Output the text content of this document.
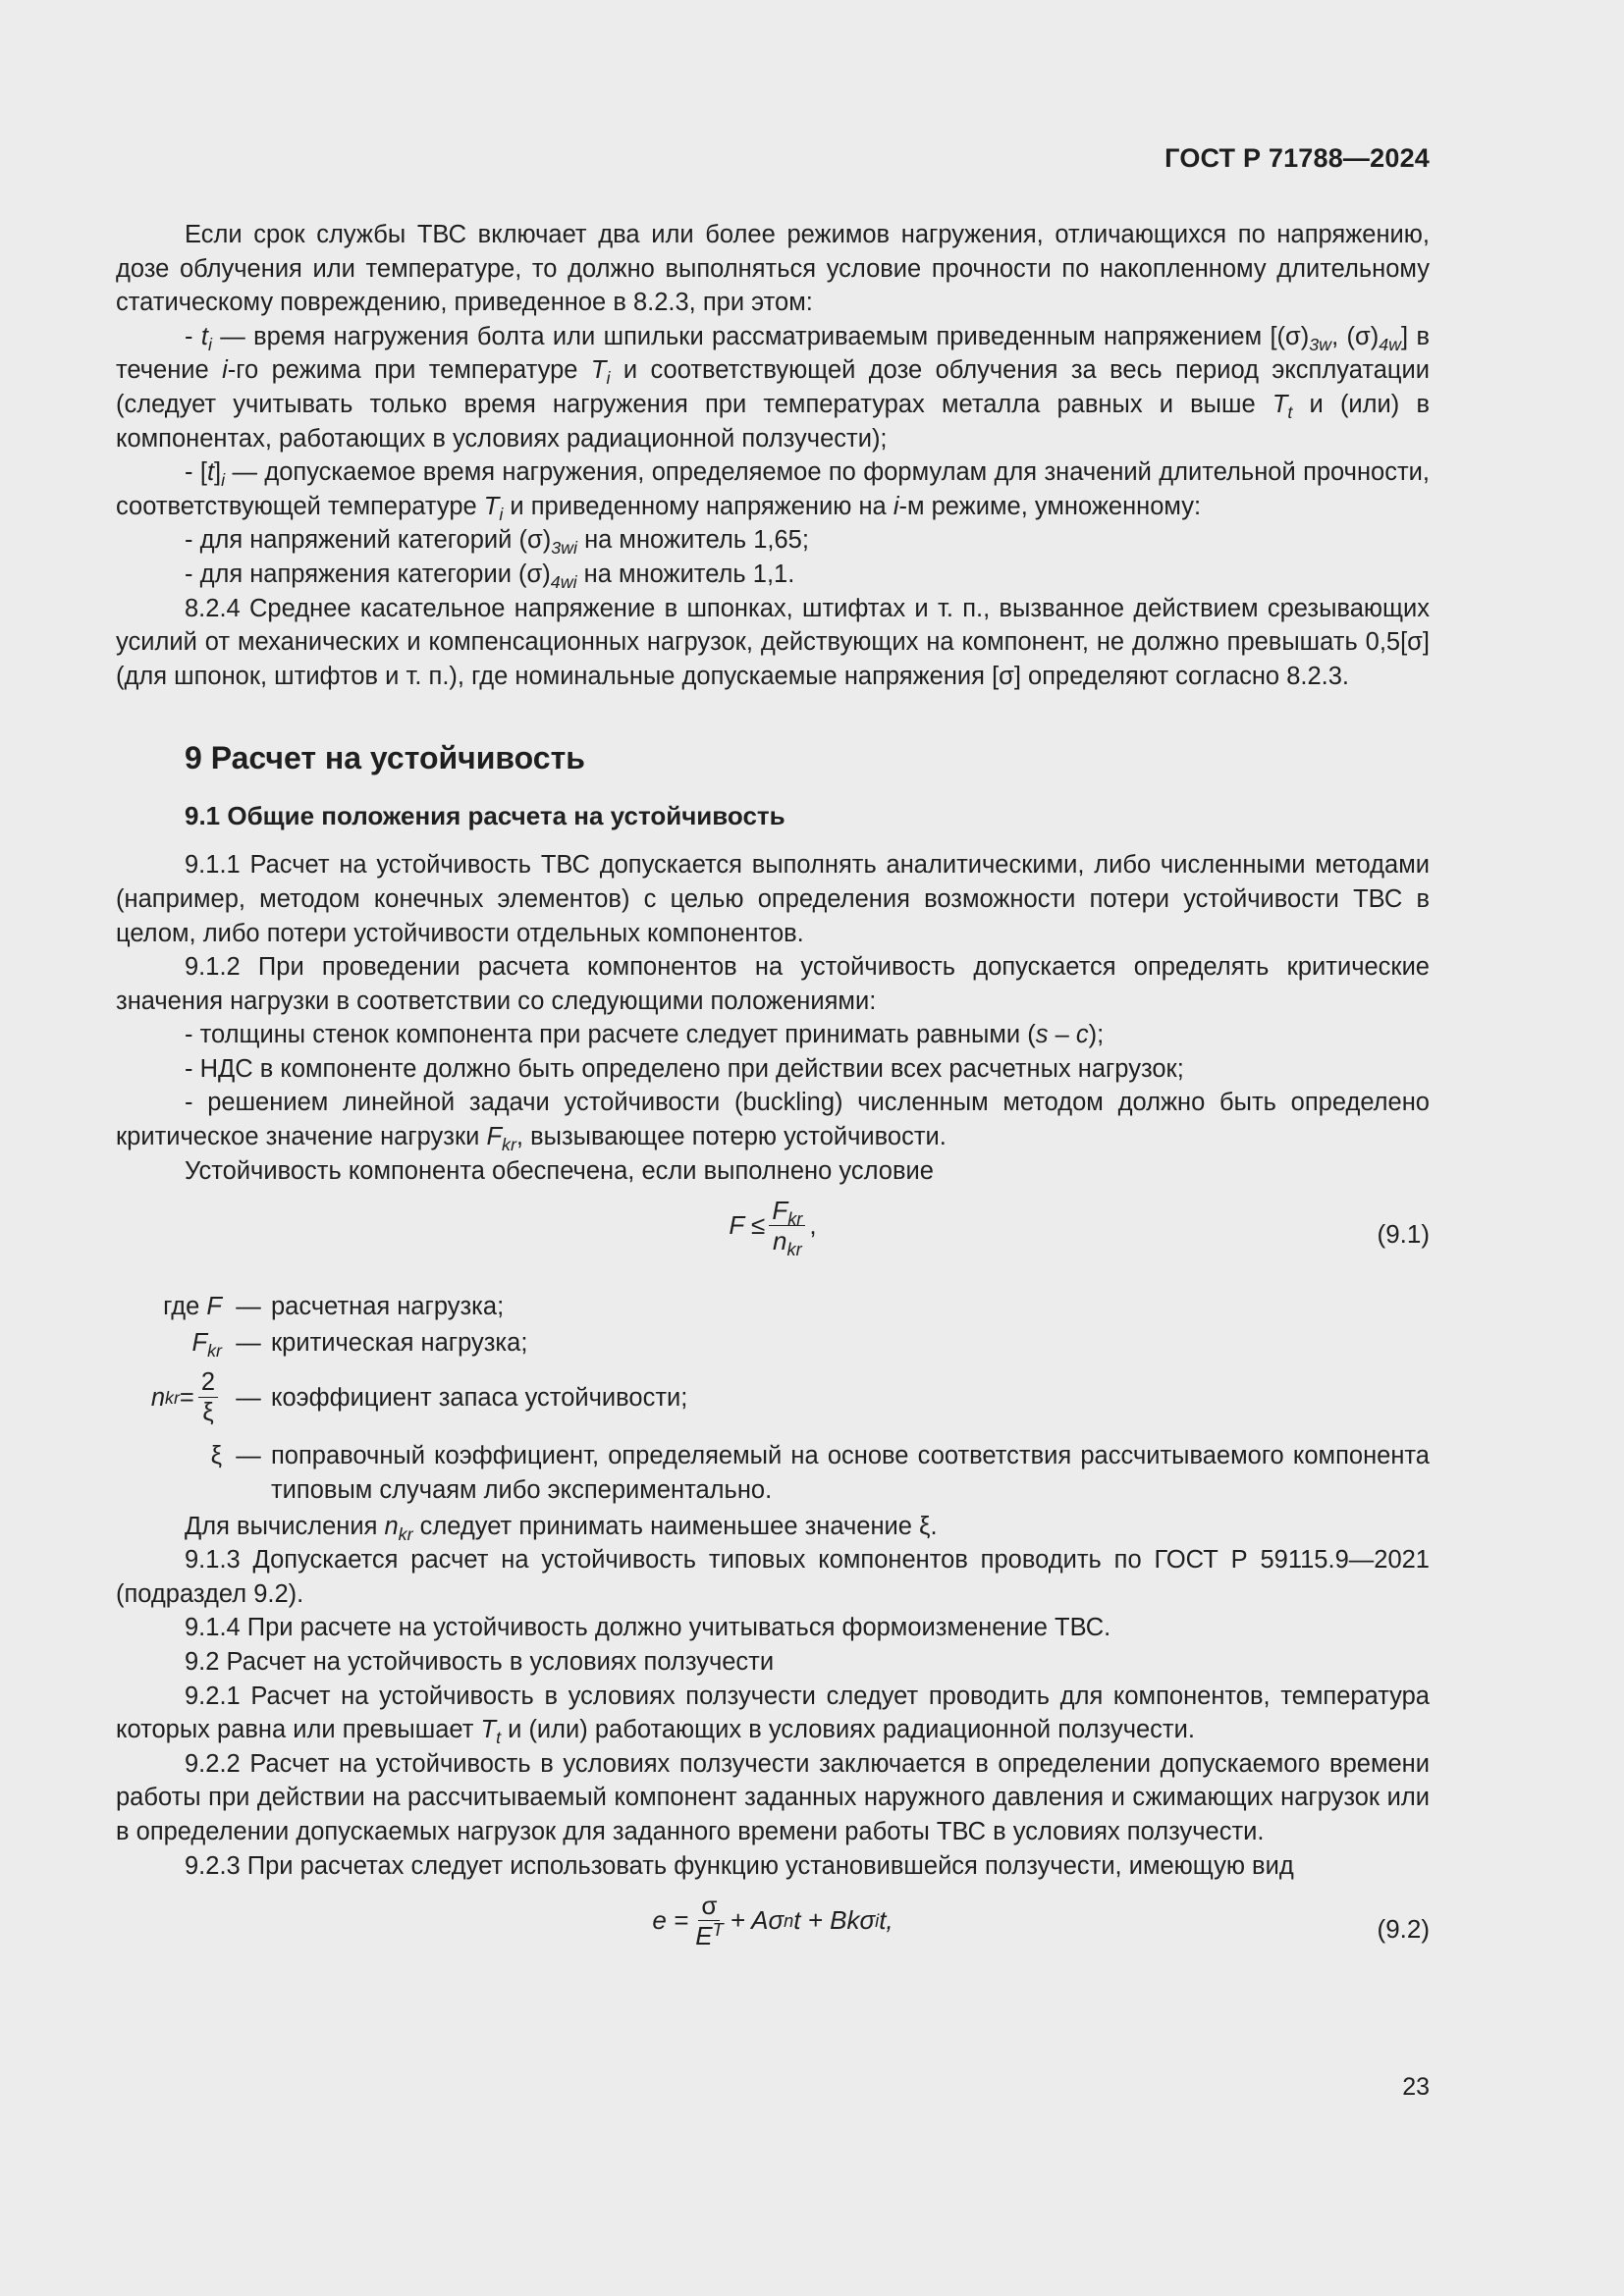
ГОСТ Р 71788—2024

Если срок службы ТВС включает два или более режимов нагружения, отличающихся по напряжению, дозе облучения или температуре, то должно выполняться условие прочности по накопленному длительному статическому повреждению, приведенное в 8.2.3, при этом:

- $t_i$ — время нагружения болта или шпильки рассматриваемым приведенным напряжением [$(\sigma)_{3w}$, $(\sigma)_{4w}$] в течение i-го режима при температуре $T_i$ и соответствующей дозе облучения за весь период эксплуатации (следует учитывать только время нагружения при температурах металла равных и выше $T_t$ и (или) в компонентах, работающих в условиях радиационной ползучести);

- $[t]_i$ — допускаемое время нагружения, определяемое по формулам для значений длительной прочности, соответствующей температуре $T_i$ и приведенному напряжению на i-м режиме, умноженному:

- для напряжений категорий $(\sigma)_{3wi}$ на множитель 1,65;

- для напряжения категории $(\sigma)_{4wi}$ на множитель 1,1.

8.2.4 Среднее касательное напряжение в шпонках, штифтах и т. п., вызванное действием срезывающих усилий от механических и компенсационных нагрузок, действующих на компонент, не должно превышать 0,5[σ] (для шпонок, штифтов и т. п.), где номинальные допускаемые напряжения [σ] определяют согласно 8.2.3.

9 Расчет на устойчивость
9.1 Общие положения расчета на устойчивость

9.1.1 Расчет на устойчивость ТВС допускается выполнять аналитическими, либо численными методами (например, методом конечных элементов) с целью определения возможности потери устойчивости ТВС в целом, либо потери устойчивости отдельных компонентов.

9.1.2 При проведении расчета компонентов на устойчивость допускается определять критические значения нагрузки в соответствии со следующими положениями:

- толщины стенок компонента при расчете следует принимать равными (s – c);

- НДС в компоненте должно быть определено при действии всех расчетных нагрузок;

- решением линейной задачи устойчивости (buckling) численным методом должно быть определено критическое значение нагрузки $F_{kr}$, вызывающее потерю устойчивости.

Устойчивость компонента обеспечена, если выполнено условие

$F \le \frac{F_{kr}}{n_{kr}}$ ,	(9.1)
где F — расчетная нагрузка;
$F_{kr}$ — критическая нагрузка;
n kr = $\frac{2}{\xi}$ — коэффициент запаса устойчивости;
ξ — поправочный коэффициент, определяемый на основе соответствия рассчитываемого компонента типовым случаям либо экспериментально.

Для вычисления $n_{kr}$ следует принимать наименьшее значение ξ.

9.1.3 Допускается расчет на устойчивость типовых компонентов проводить по ГОСТ Р 59115.9—2021 (подраздел 9.2).

9.1.4 При расчете на устойчивость должно учитываться формоизменение ТВС.

9.2 Расчет на устойчивость в условиях ползучести

9.2.1 Расчет на устойчивость в условиях ползучести следует проводить для компонентов, температура которых равна или превышает $T_t$ и (или) работающих в условиях радиационной ползучести.

9.2.2 Расчет на устойчивость в условиях ползучести заключается в определении допускаемого времени работы при действии на рассчитываемый компонент заданных наружного давления и сжимающих нагрузок или в определении допускаемых нагрузок для заданного времени работы ТВС в условиях ползучести.

9.2.3 При расчетах следует использовать функцию установившейся ползучести, имеющую вид

$e = \frac{\sigma}{E^T} + A\sigma$ n t + Bkσ i t,	(9.2)
23
